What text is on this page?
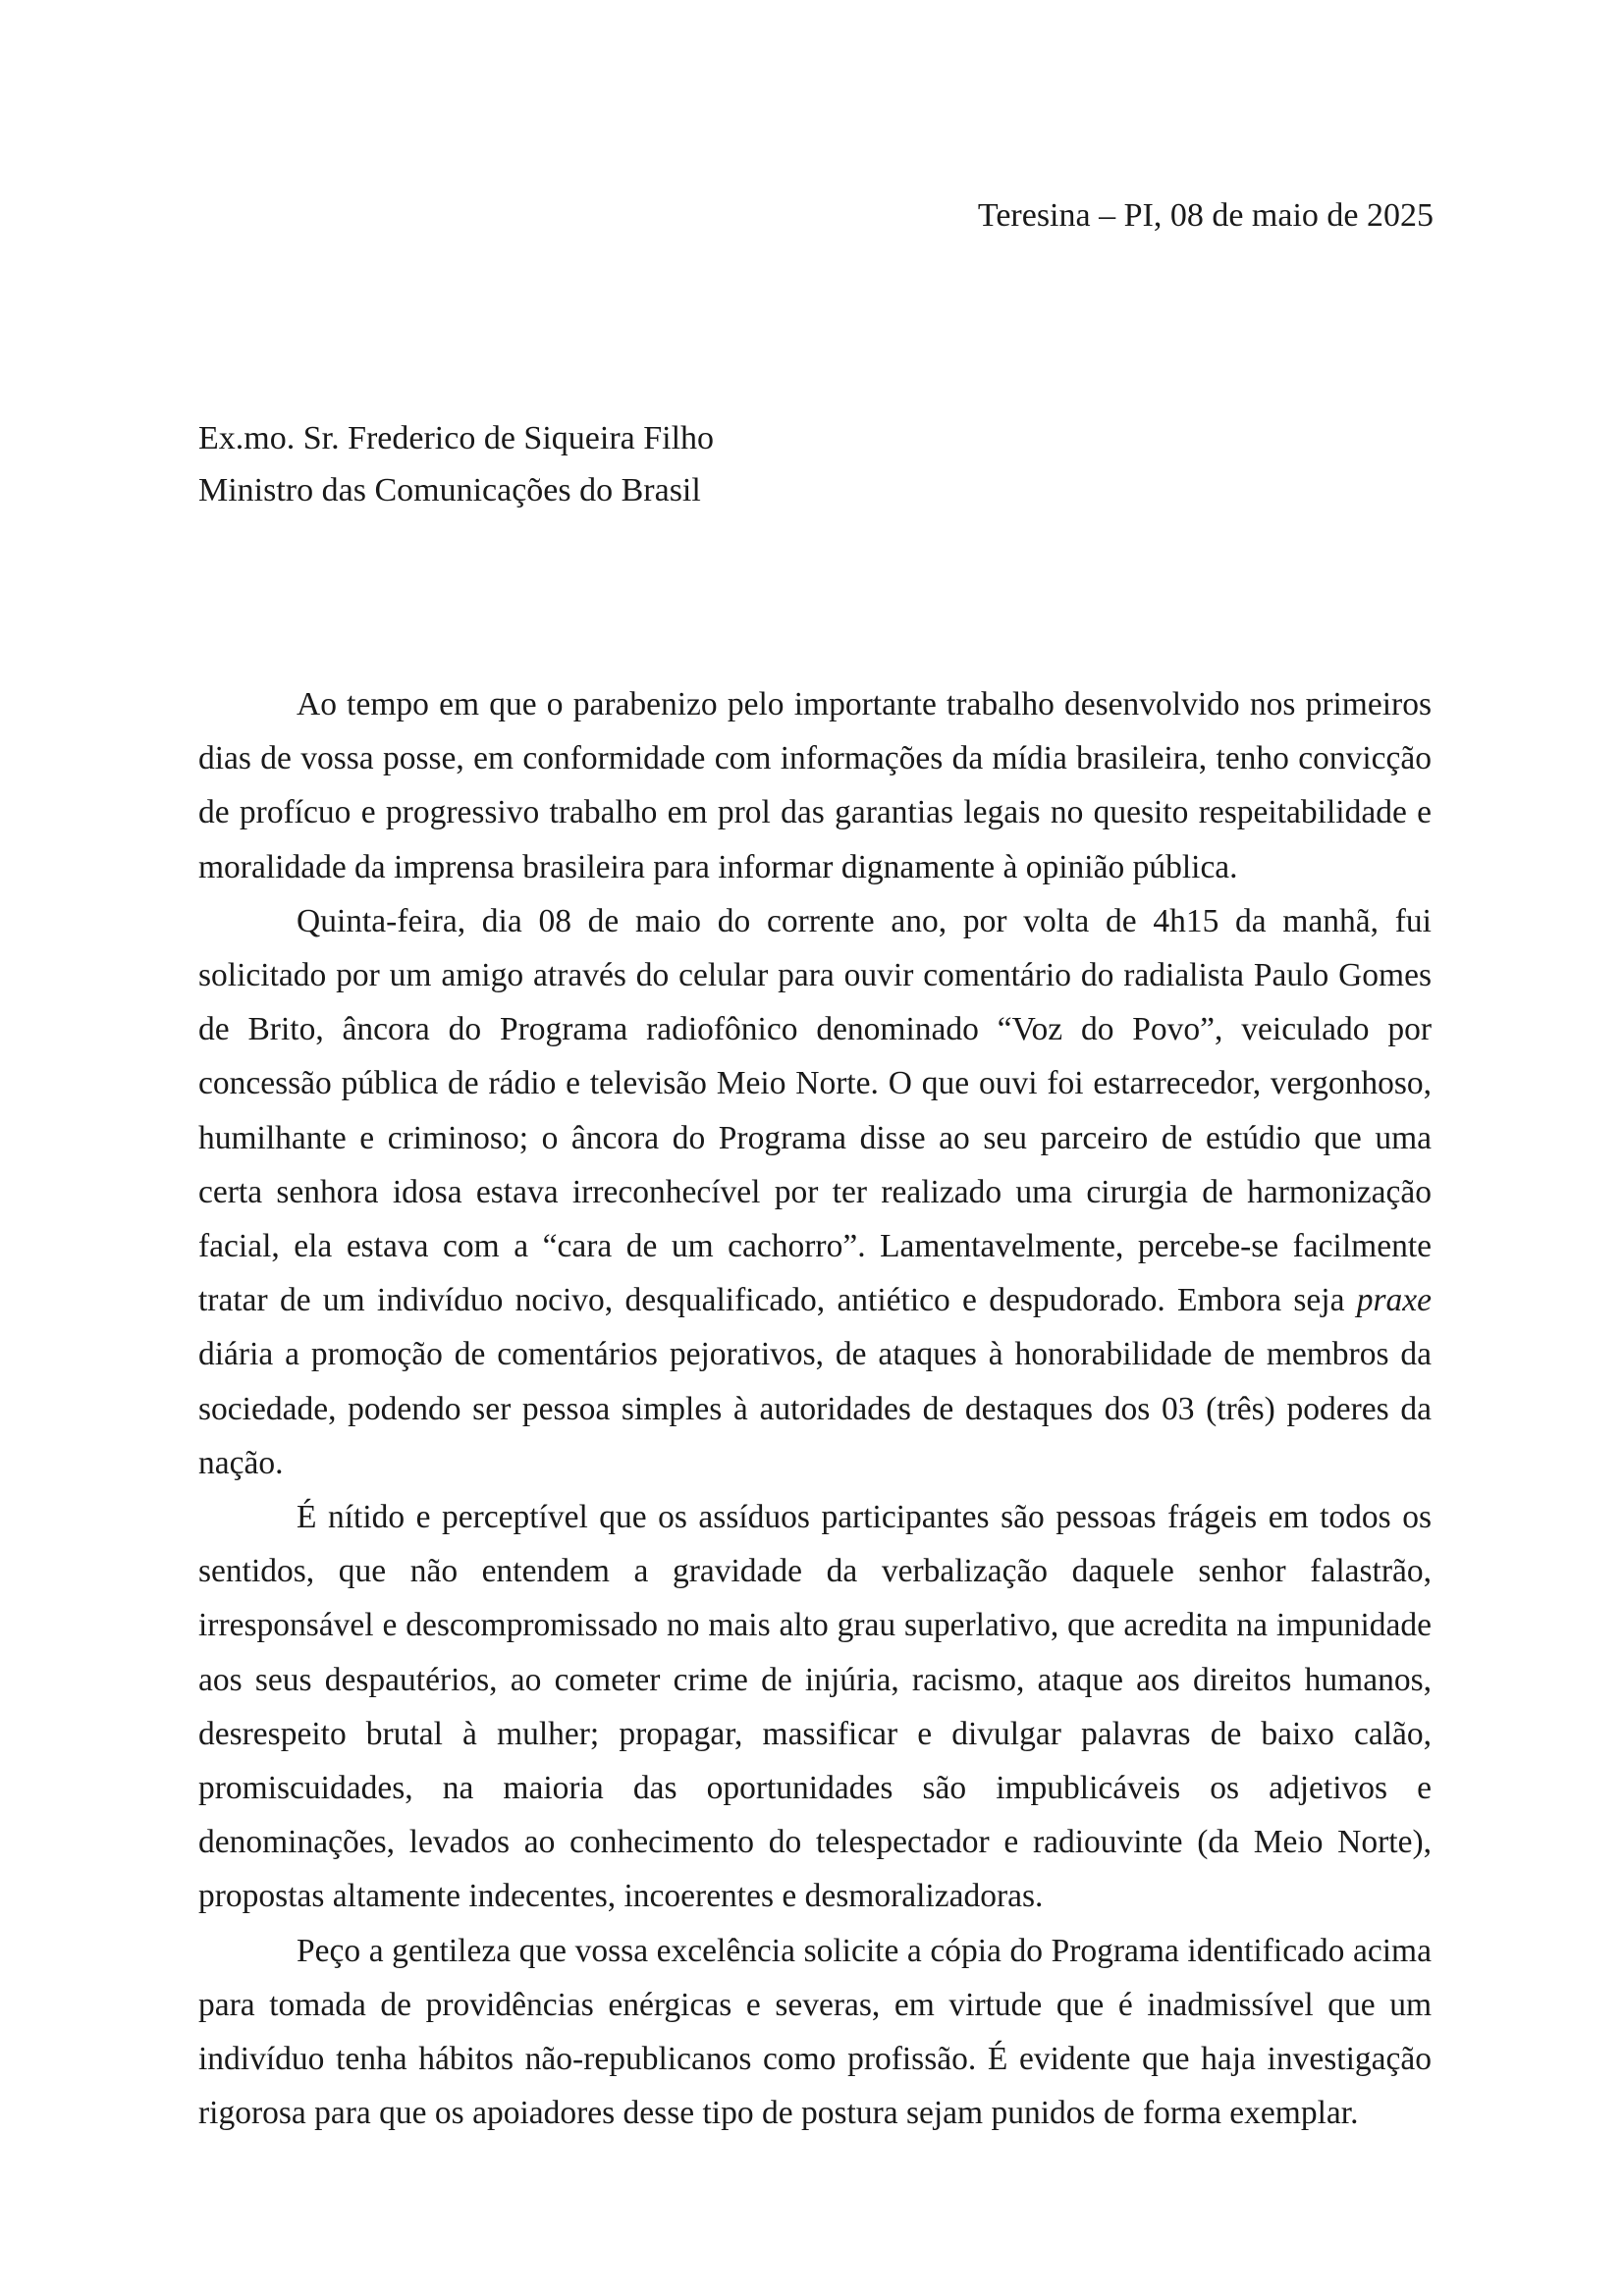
Teresina – PI, 08 de maio de 2025
Ex.mo. Sr. Frederico de Siqueira Filho
Ministro das Comunicações do Brasil

Ao tempo em que o parabenizo pelo importante trabalho desenvolvido nos primeiros dias de vossa posse, em conformidade com informações da mídia brasileira, tenho convicção de profícuo e progressivo trabalho em prol das garantias legais no quesito respeitabilidade e moralidade da imprensa brasileira para informar dignamente à opinião pública.

Quinta-feira, dia 08 de maio do corrente ano, por volta de 4h15 da manhã, fui solicitado por um amigo através do celular para ouvir comentário do radialista Paulo Gomes de Brito, âncora do Programa radiofônico denominado “Voz do Povo”, veiculado por concessão pública de rádio e televisão Meio Norte. O que ouvi foi estarrecedor, vergonhoso, humilhante e criminoso; o âncora do Programa disse ao seu parceiro de estúdio que uma certa senhora idosa estava irreconhecível por ter realizado uma cirurgia de harmonização facial, ela estava com a “cara de um cachorro”. Lamentavelmente, percebe-se facilmente tratar de um indivíduo nocivo, desqualificado, antiético e despudorado. Embora seja praxe diária a promoção de comentários pejorativos, de ataques à honorabilidade de membros da sociedade, podendo ser pessoa simples à autoridades de destaques dos 03 (três) poderes da nação.

É nítido e perceptível que os assíduos participantes são pessoas frágeis em todos os sentidos, que não entendem a gravidade da verbalização daquele senhor falastrão, irresponsável e descompromissado no mais alto grau superlativo, que acredita na impunidade aos seus despautérios, ao cometer crime de injúria, racismo, ataque aos direitos humanos, desrespeito brutal à mulher; propagar, massificar e divulgar palavras de baixo calão, promiscuidades, na maioria das oportunidades são impublicáveis os adjetivos e denominações, levados ao conhecimento do telespectador e radiouvinte (da Meio Norte), propostas altamente indecentes, incoerentes e desmoralizadoras.

Peço a gentileza que vossa excelência solicite a cópia do Programa identificado acima para tomada de providências enérgicas e severas, em virtude que é inadmissível que um indivíduo tenha hábitos não-republicanos como profissão. É evidente que haja investigação rigorosa para que os apoiadores desse tipo de postura sejam punidos de forma exemplar.
